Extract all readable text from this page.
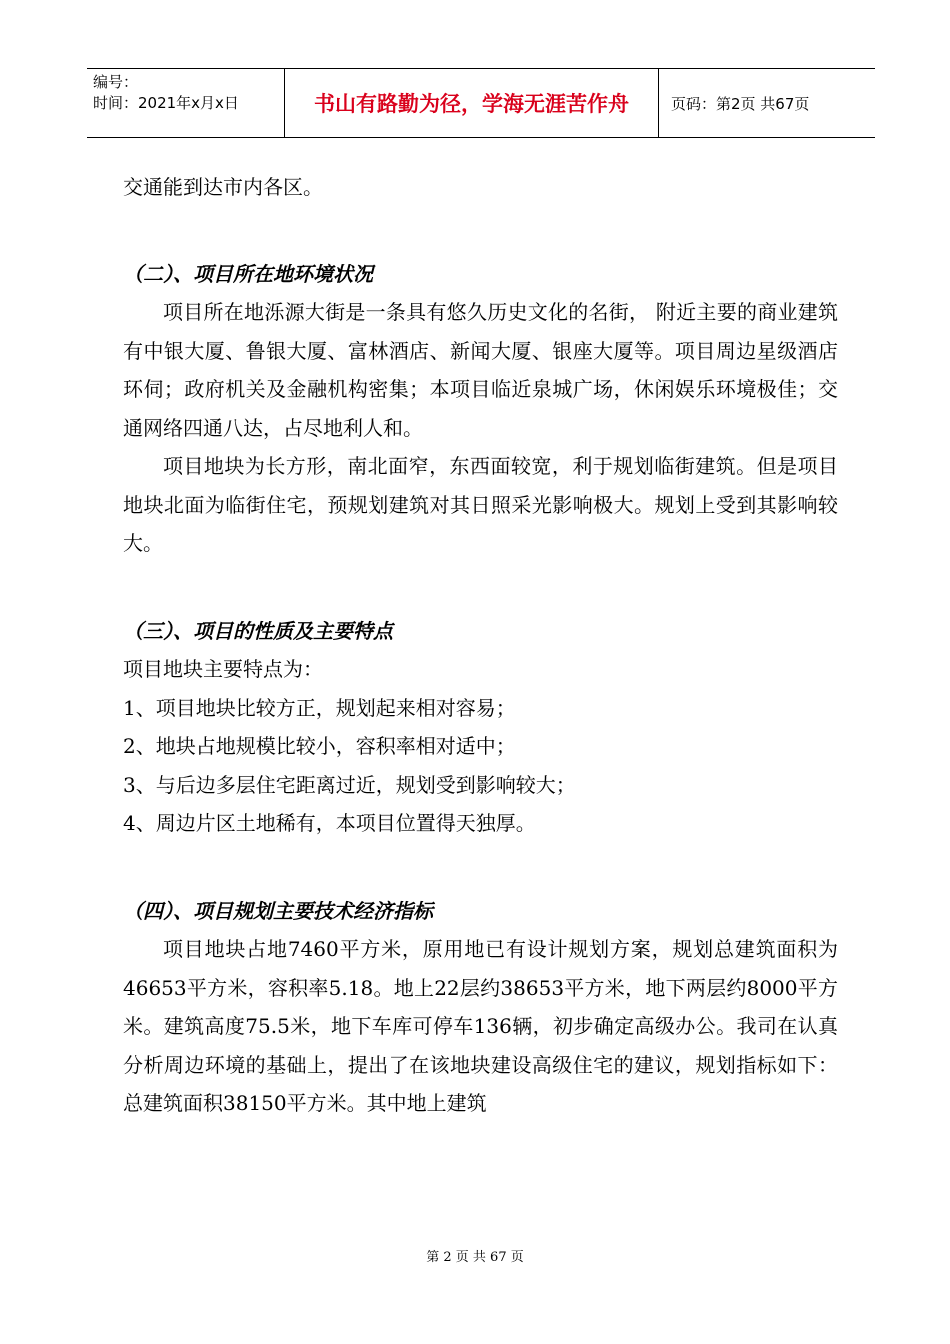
编号：
时间：2021年x月x日	书山有路勤为径，学海无涯苦作舟	页码：第2页 共67页

交通能到达市内各区。

（二）、项目所在地环境状况

项目所在地泺源大街是一条具有悠久历史文化的名街， 附近主要的商业建筑有中银大厦、鲁银大厦、富林酒店、新闻大厦、银座大厦等。项目周边星级酒店环伺；政府机关及金融机构密集；本项目临近泉城广场，休闲娱乐环境极佳；交通网络四通八达，占尽地利人和。

项目地块为长方形，南北面窄，东西面较宽，利于规划临街建筑。但是项目地块北面为临街住宅，预规划建筑对其日照采光影响极大。规划上受到其影响较大。

（三）、项目的性质及主要特点

项目地块主要特点为：

1、项目地块比较方正，规划起来相对容易；

2、地块占地规模比较小，容积率相对适中；

3、与后边多层住宅距离过近，规划受到影响较大；

4、周边片区土地稀有，本项目位置得天独厚。

（四）、项目规划主要技术经济指标

项目地块占地7460平方米，原用地已有设计规划方案，规划总建筑面积为46653平方米，容积率5.18。地上22层约38653平方米，地下两层约8000平方米。建筑高度75.5米，地下车库可停车136辆，初步确定高级办公。我司在认真分析周边环境的基础上，提出了在该地块建设高级住宅的建议，规划指标如下：总建筑面积38150平方米。其中地上建筑

第 2 页 共 67 页
